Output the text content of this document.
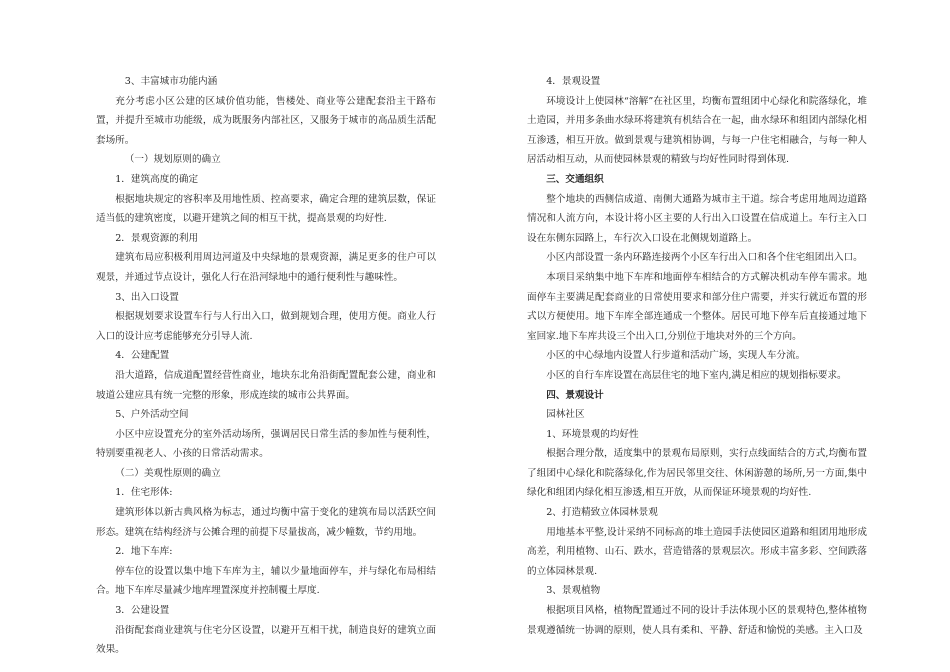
3、丰富城市功能内涵

充分考虑小区公建的区域价值功能，售楼处、商业等公建配套沿主干路布置，并提升至城市功能级，成为既服务内部社区，又服务于城市的高品质生活配套场所。

（一）规划原则的确立

1．建筑高度的确定

根据地块规定的容积率及用地性质、控高要求，确定合理的建筑层数，保证适当低的建筑密度，以避开建筑之间的相互干扰，提高景观的均好性.

2．景观资源的利用

建筑布局应积极利用周边河道及中央绿地的景观资源，满足更多的住户可以观景，并通过节点设计，强化人行在沿河绿地中的通行便利性与趣味性。

3、出入口设置

根据规划要求设置车行与人行出入口，做到规划合理，使用方便。商业人行入口的设计应考虑能够充分引导人流.

4．公建配置

沿大道路，信成道配置经营性商业，地块东北角沿街配置配套公建，商业和坡道公建应具有统一完整的形象，形成连续的城市公共界面。

5、户外活动空间

小区中应设置充分的室外活动场所，强调居民日常生活的参加性与便利性，特别要重视老人、小孩的日常活动需求。

（二）美观性原则的确立

1．住宅形体:

建筑形体以新古典风格为标志，通过均衡中富于变化的建筑布局以活跃空间形态。建筑在结构经济与公摊合理的前提下尽量拔高，减少幢数，节约用地。

2．地下车库:

停车位的设置以集中地下车库为主，辅以少量地面停车，并与绿化布局相结合。地下车库尽量减少地库埋置深度并控制覆土厚度.

3．公建设置

沿街配套商业建筑与住宅分区设置，以避开互相干扰，制造良好的建筑立面效果。

4．景观设置

环境设计上使园林“溶解”在社区里，均衡布置组团中心绿化和院落绿化，堆土造园，并用多条曲水绿环将建筑有机结合在一起，曲水绿环和组团内部绿化相互渗透，相互开放。做到景观与建筑相协调，与每一户住宅相融合，与每一种人居活动相互动，从而使园林景观的精致与均好性同时得到体现.

三、交通组织

整个地块的西侧信成道、南侧大通路为城市主干道。综合考虑用地周边道路情况和人流方向，本设计将小区主要的人行出入口设置在信成道上。车行主入口设在东侧东园路上，车行次入口设在北侧规划道路上。

小区内部设置一条内环路连接两个小区车行出入口和各个住宅组团出入口。

本项目采纳集中地下车库和地面停车相结合的方式解决机动车停车需求。地面停车主要满足配套商业的日常使用要求和部分住户需要，并实行就近布置的形式以方便使用。地下车库全部连通成一个整体。居民可地下停车后直接通过地下室回家.地下车库共设三个出入口,分别位于地块对外的三个方向。

小区的中心绿地内设置人行步道和活动广场，实现人车分流。

小区的自行车库设置在高层住宅的地下室内,满足相应的规划指标要求。

四、景观设计

园林社区

1、环境景观的均好性

根据合理分散，适度集中的景观布局原则，实行点线面结合的方式,均衡布置了组团中心绿化和院落绿化,作为居民邻里交往、休闲游憩的场所,另一方面,集中绿化和组团内绿化相互渗透,相互开放，从而保证环境景观的均好性.

2、打造精致立体园林景观

用地基本平整,设计采纳不同标高的堆土造园手法使园区道路和组团用地形成高差，利用植物、山石、跌水，营造错落的景观层次。形成丰富多彩、空间跌落的立体园林景观.

3、景观植物

根据项目风格，植物配置通过不同的设计手法体现小区的景观特色,整体植物景观遵循统一协调的原则，使人具有柔和、平静、舒适和愉悦的美感。主入口及
